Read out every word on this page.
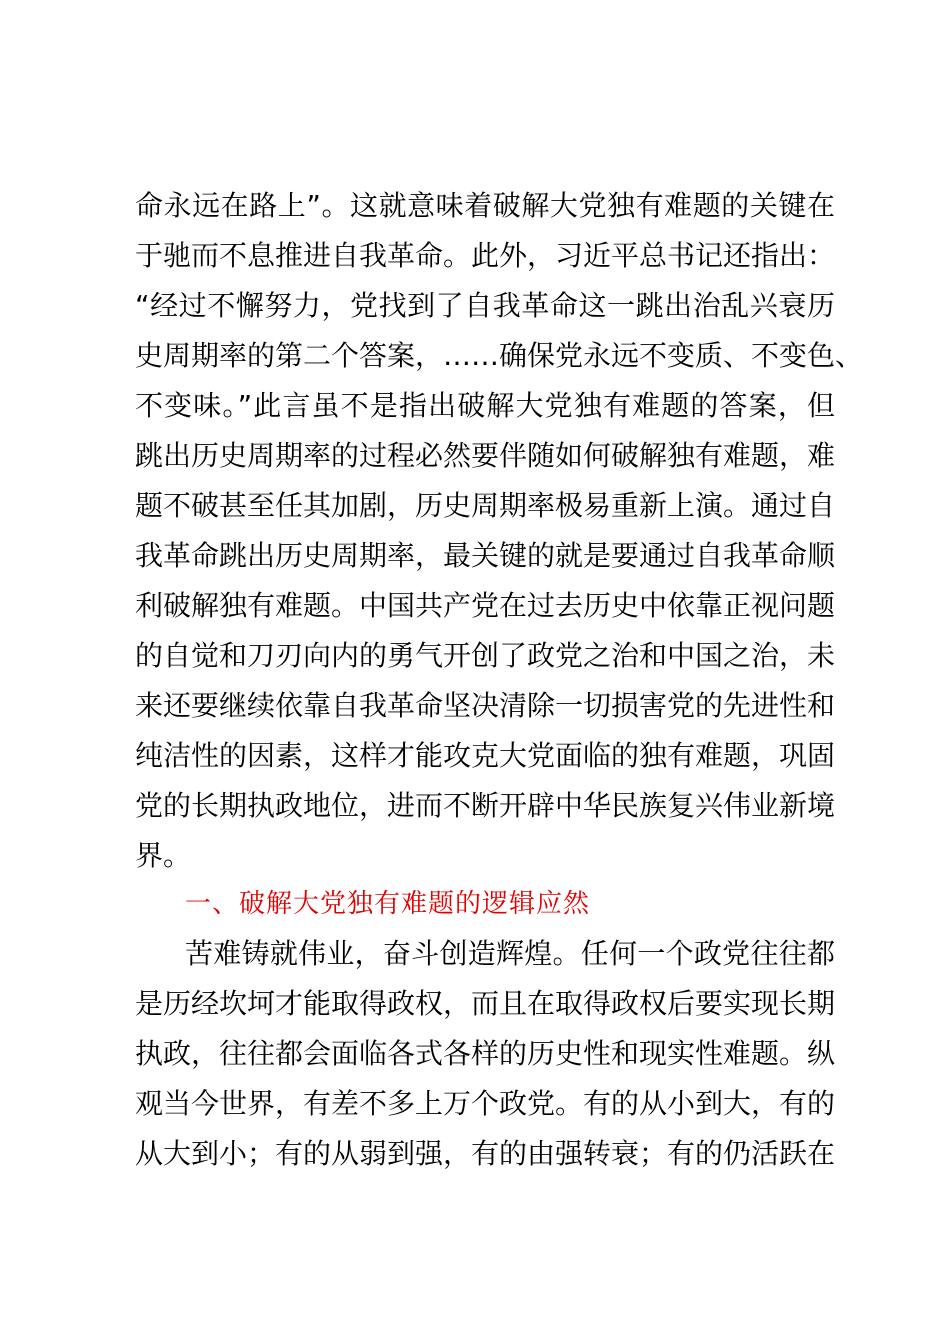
命永远在路上”。这就意味着破解大党独有难题的关键在
于驰而不息推进自我革命。此外，习近平总书记还指出：
“经过不懈努力，党找到了自我革命这一跳出治乱兴衰历
史周期率的第二个答案，……确保党永远不变质、不变色、
不变味。”此言虽不是指出破解大党独有难题的答案，但
跳出历史周期率的过程必然要伴随如何破解独有难题，难
题不破甚至任其加剧，历史周期率极易重新上演。通过自
我革命跳出历史周期率，最关键的就是要通过自我革命顺
利破解独有难题。中国共产党在过去历史中依靠正视问题
的自觉和刀刃向内的勇气开创了政党之治和中国之治，未
来还要继续依靠自我革命坚决清除一切损害党的先进性和
纯洁性的因素，这样才能攻克大党面临的独有难题，巩固
党的长期执政地位，进而不断开辟中华民族复兴伟业新境
界。
一、破解大党独有难题的逻辑应然
苦难铸就伟业，奋斗创造辉煌。任何一个政党往往都
是历经坎坷才能取得政权，而且在取得政权后要实现长期
执政，往往都会面临各式各样的历史性和现实性难题。纵
观当今世界，有差不多上万个政党。有的从小到大，有的
从大到小；有的从弱到强，有的由强转衰；有的仍活跃在
